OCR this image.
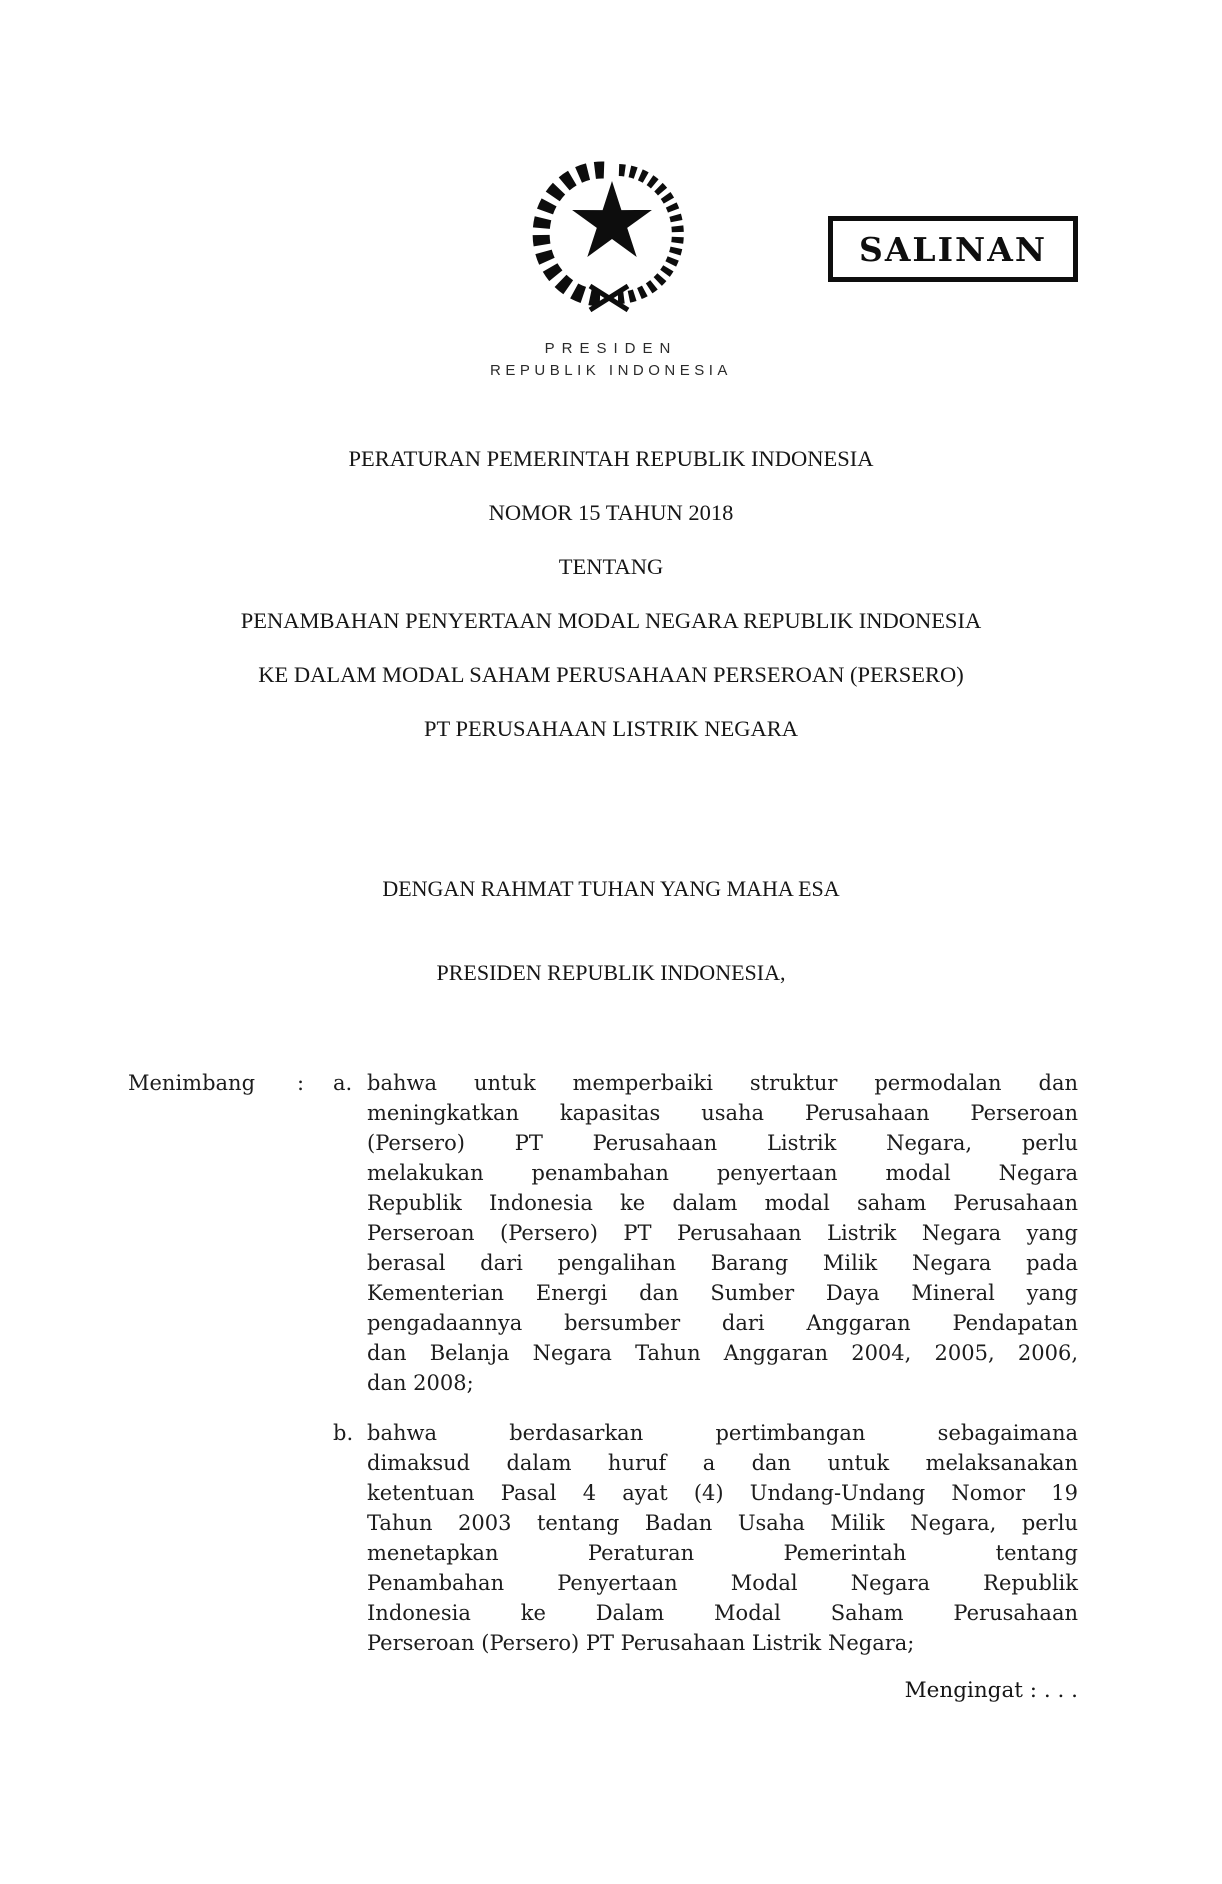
SALINAN
PRESIDEN
REPUBLIK INDONESIA
PERATURAN PEMERINTAH REPUBLIK INDONESIA
NOMOR 15 TAHUN 2018
TENTANG
PENAMBAHAN PENYERTAAN MODAL NEGARA REPUBLIK INDONESIA
KE DALAM MODAL SAHAM PERUSAHAAN PERSEROAN (PERSERO)
PT PERUSAHAAN LISTRIK NEGARA
DENGAN RAHMAT TUHAN YANG MAHA ESA
PRESIDEN REPUBLIK INDONESIA,
Menimbang : a. bahwa untuk memperbaiki struktur permodalan dan
meningkatkan kapasitas usaha Perusahaan Perseroan
(Persero) PT Perusahaan Listrik Negara, perlu
melakukan penambahan penyertaan modal Negara
Republik Indonesia ke dalam modal saham Perusahaan
Perseroan (Persero) PT Perusahaan Listrik Negara yang
berasal dari pengalihan Barang Milik Negara pada
Kementerian Energi dan Sumber Daya Mineral yang
pengadaannya bersumber dari Anggaran Pendapatan
dan Belanja Negara Tahun Anggaran 2004, 2005, 2006,
dan 2008;
b. bahwa berdasarkan pertimbangan sebagaimana
dimaksud dalam huruf a dan untuk melaksanakan
ketentuan Pasal 4 ayat (4) Undang-Undang Nomor 19
Tahun 2003 tentang Badan Usaha Milik Negara, perlu
menetapkan Peraturan Pemerintah tentang
Penambahan Penyertaan Modal Negara Republik
Indonesia ke Dalam Modal Saham Perusahaan
Perseroan (Persero) PT Perusahaan Listrik Negara;
Mengingat : . . .
